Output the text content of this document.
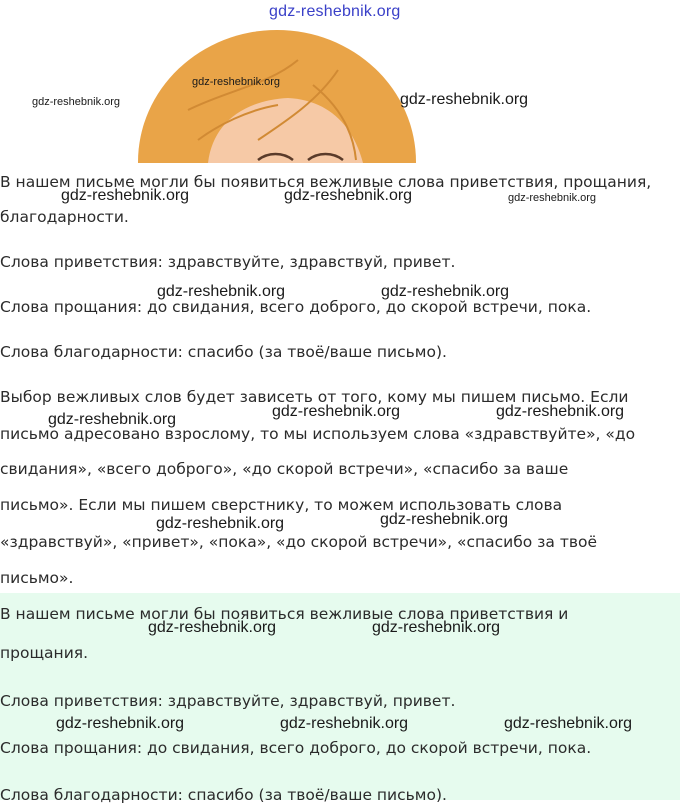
gdz-reshebnik.org
gdz-reshebnik.org
gdz-reshebnik.org
gdz-reshebnik.org

В нашем письме могли бы появиться вежливые слова приветствия, прощания,

благодарности.

gdz-reshebnik.org	gdz-reshebnik.org	gdz-reshebnik.org

Слова приветствия: здравствуйте, здравствуй, привет.

gdz-reshebnik.org	gdz-reshebnik.org

Слова прощания: до свидания, всего доброго, до скорой встречи, пока.

Слова благодарности: спасибо (за твоё/ваше письмо).

Выбор вежливых слов будет зависеть от того, кому мы пишем письмо. Если

gdz-reshebnik.org	gdz-reshebnik.org	gdz-reshebnik.org

письмо адресовано взрослому, то мы используем слова «здравствуйте», «до

свидания», «всего доброго», «до скорой встречи», «спасибо за ваше

письмо». Если мы пишем сверстнику, то можем использовать слова

gdz-reshebnik.org	gdz-reshebnik.org

«здравствуй», «привет», «пока», «до скорой встречи», «спасибо за твоё

письмо».

В нашем письме могли бы появиться вежливые слова приветствия и

gdz-reshebnik.org	gdz-reshebnik.org

прощания.

Слова приветствия: здравствуйте, здравствуй, привет.

gdz-reshebnik.org	gdz-reshebnik.org	gdz-reshebnik.org

Слова прощания: до свидания, всего доброго, до скорой встречи, пока.

Слова благодарности: спасибо (за твоё/ваше письмо).
